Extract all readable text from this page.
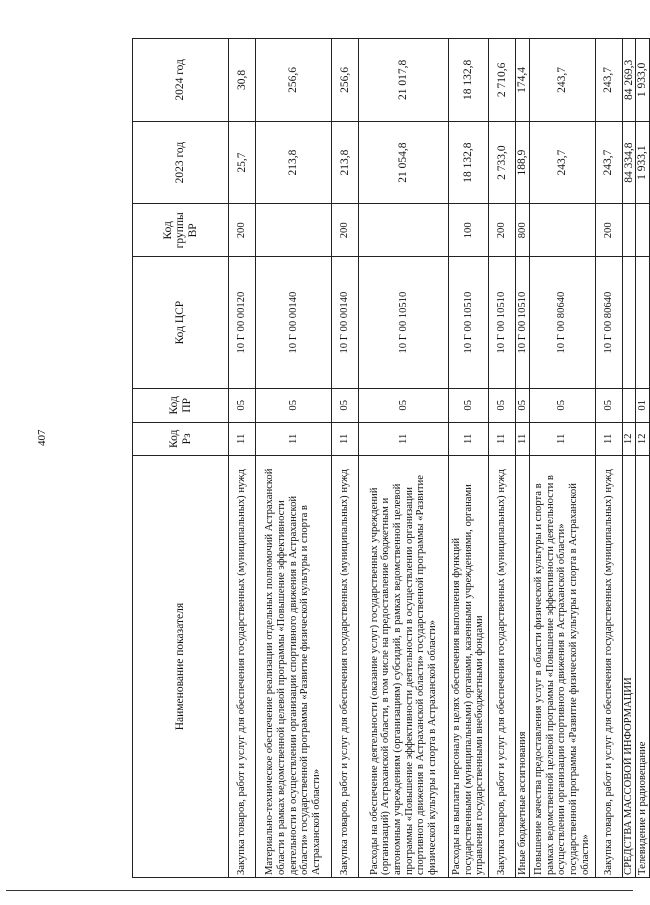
407
Наименование показателя	Код Рз	Код ПР	Код ЦСР	Код группы ВР	2023 год	2024 год
Закупка товаров, работ и услуг для обеспечения государственных (муниципальных) нужд	11	05	10 Г 00 00120	200	25,7	30,8
Материально-техническое обеспечение реализации отдельных полномочий Астраханской области в рамках ведомственной целевой программы «Повышение эффективности деятельности в осуществлении организации спортивного движения в Астраханской области» государственной программы «Развитие физической культуры и спорта в Астраханской области»	11	05	10 Г 00 00140		213,8	256,6
Закупка товаров, работ и услуг для обеспечения государственных (муниципальных) нужд	11	05	10 Г 00 00140	200	213,8	256,6
Расходы на обеспечение деятельности (оказание услуг) государственных учреждений (организаций) Астраханской области, в том числе на предоставление бюджетным и автономным учреждениям (организациям) субсидий, в рамках ведомственной целевой программы «Повышение эффективности деятельности в осуществлении организации спортивного движения в Астраханской области» государственной программы «Развитие физической культуры и спорта в Астраханской области»	11	05	10 Г 00 10510		21 054,8	21 017,8
Расходы на выплаты персоналу в целях обеспечения выполнения функций государственными (муниципальными) органами, казенными учреждениями, органами управления государственными внебюджетными фондами	11	05	10 Г 00 10510	100	18 132,8	18 132,8
Закупка товаров, работ и услуг для обеспечения государственных (муниципальных) нужд	11	05	10 Г 00 10510	200	2 733,0	2 710,6
Иные бюджетные ассигнования	11	05	10 Г 00 10510	800	188,9	174,4
Повышение качества предоставления услуг в области физической культуры и спорта в рамках ведомственной целевой программы «Повышение эффективности деятельности в осуществлении организации спортивного движения в Астраханской области» государственной программы «Развитие физической культуры и спорта в Астраханской области»	11	05	10 Г 00 80640		243,7	243,7
Закупка товаров, работ и услуг для обеспечения государственных (муниципальных) нужд	11	05	10 Г 00 80640	200	243,7	243,7
СРЕДСТВА МАССОВОЙ ИНФОРМАЦИИ	12				84 334,8	84 269,3
Телевидение и радиовещание	12	01			1 933,1	1 933,0
